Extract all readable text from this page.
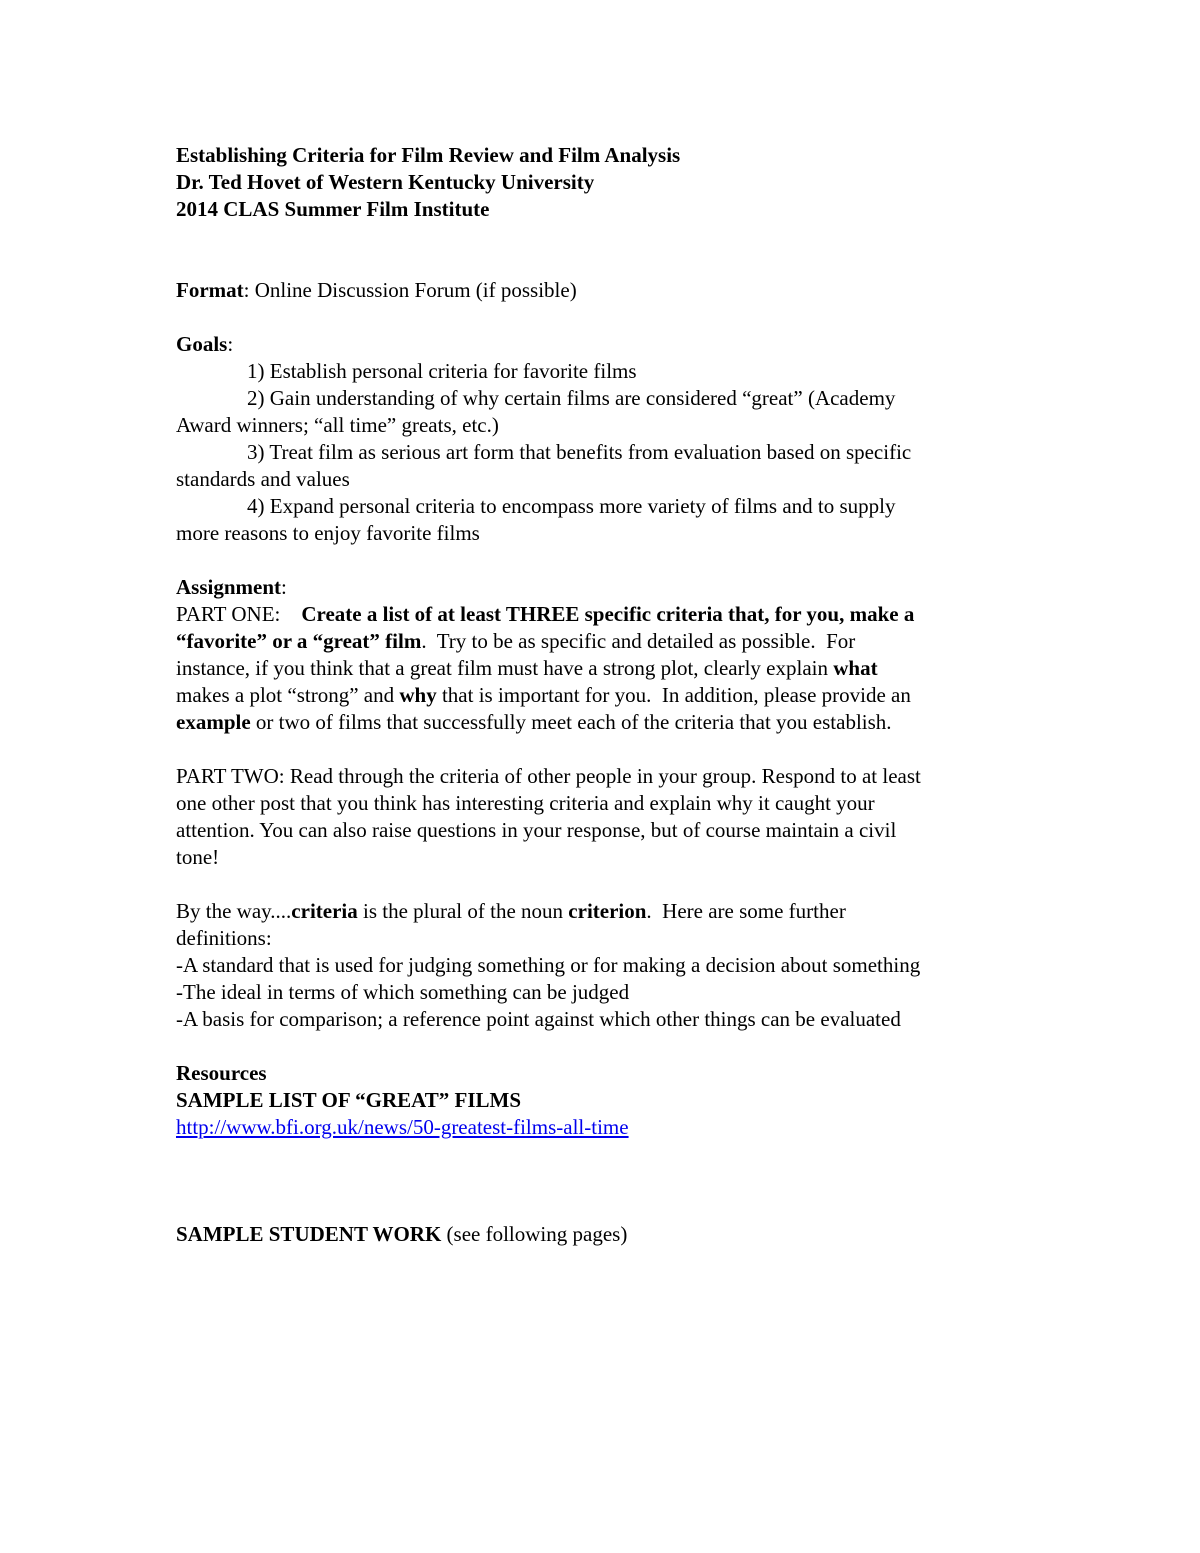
Establishing Criteria for Film Review and Film Analysis
Dr. Ted Hovet of Western Kentucky University
2014 CLAS Summer Film Institute
Format: Online Discussion Forum (if possible)
Goals:
1) Establish personal criteria for favorite films
2) Gain understanding of why certain films are considered “great” (Academy
Award winners; “all time” greats, etc.)
3) Treat film as serious art form that benefits from evaluation based on specific
standards and values
4) Expand personal criteria to encompass more variety of films and to supply
more reasons to enjoy favorite films
Assignment:
PART ONE:    Create a list of at least THREE specific criteria that, for you, make a
“favorite” or a “great” film.  Try to be as specific and detailed as possible.  For
instance, if you think that a great film must have a strong plot, clearly explain what
makes a plot “strong” and why that is important for you.  In addition, please provide an
example or two of films that successfully meet each of the criteria that you establish.
PART TWO: Read through the criteria of other people in your group. Respond to at least
one other post that you think has interesting criteria and explain why it caught your
attention. You can also raise questions in your response, but of course maintain a civil
tone!
By the way....criteria is the plural of the noun criterion.  Here are some further
definitions:
-A standard that is used for judging something or for making a decision about something
-The ideal in terms of which something can be judged
-A basis for comparison; a reference point against which other things can be evaluated
Resources
SAMPLE LIST OF “GREAT” FILMS
http://www.bfi.org.uk/news/50-greatest-films-all-time
SAMPLE STUDENT WORK (see following pages)
